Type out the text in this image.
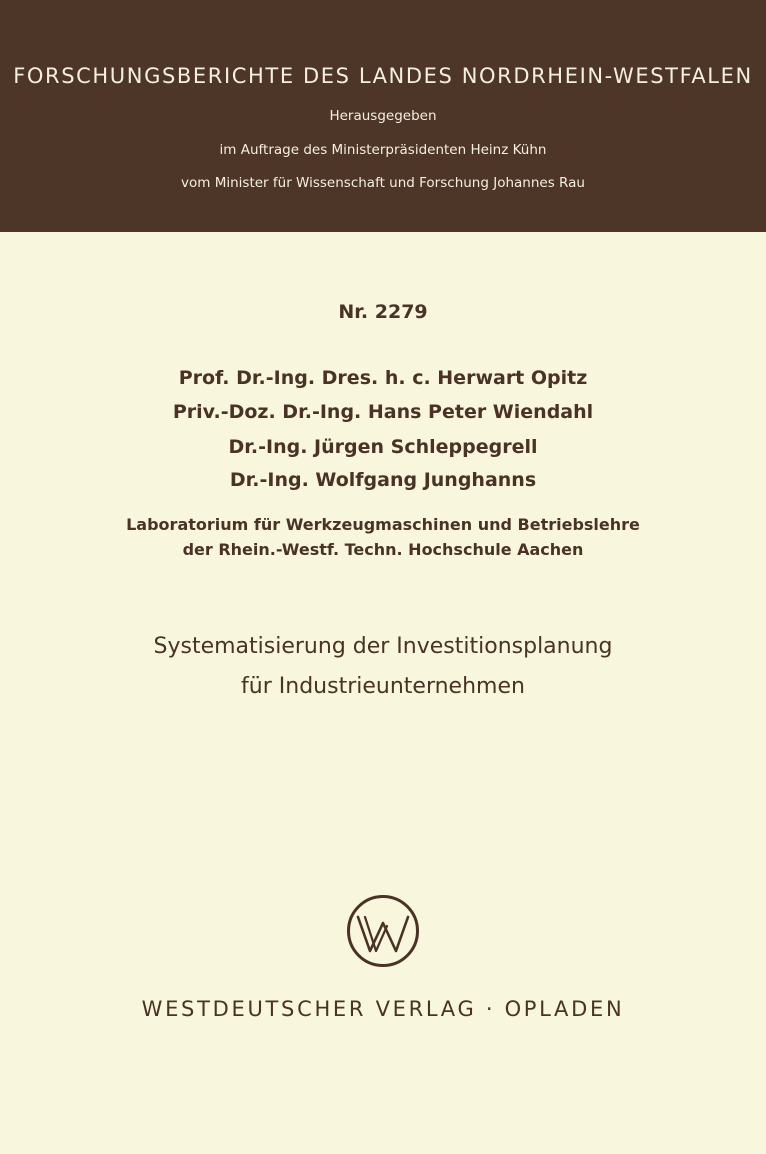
FORSCHUNGSBERICHTE DES LANDES NORDRHEIN-WESTFALEN
Herausgegeben
im Auftrage des Ministerpräsidenten Heinz Kühn
vom Minister für Wissenschaft und Forschung Johannes Rau
Nr. 2279
Prof. Dr.-Ing. Dres. h. c. Herwart Opitz
Priv.-Doz. Dr.-Ing. Hans Peter Wiendahl
Dr.-Ing. Jürgen Schleppegrell
Dr.-Ing. Wolfgang Junghanns
Laboratorium für Werkzeugmaschinen und Betriebslehre
der Rhein.-Westf. Techn. Hochschule Aachen
Systematisierung der Investitionsplanung
für Industrieunternehmen
WESTDEUTSCHER VERLAG · OPLADEN
